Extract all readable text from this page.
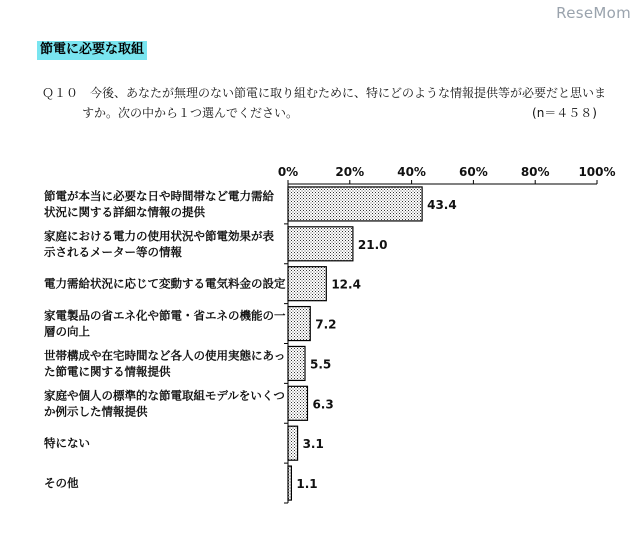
ReseMom
節電に必要な取組
Ｑ１０　今後、あなたが無理のない節電に取り組むために、特にどのような情報提供等が必要だと思いま
すか。次の中から１つ選んでください。	(n＝４５８)
0%	20%	40%	60%	80% 100%
43.4
節電が本当に必要な日や時間帯など電力需給
状況に関する詳細な情報の提供
21.0
家庭における電力の使用状況や節電効果が表
示されるメーター等の情報
12.4
電力需給状況に応じて変動する電気料金の設定
7.2
家電製品の省エネ化や節電・省エネの機能の一
層の向上
5.5
世帯構成や在宅時間など各人の使用実態にあっ
た節電に関する情報提供
6.3
家庭や個人の標準的な節電取組モデルをいくつ
か例示した情報提供
3.1
特にない
1.1
その他
